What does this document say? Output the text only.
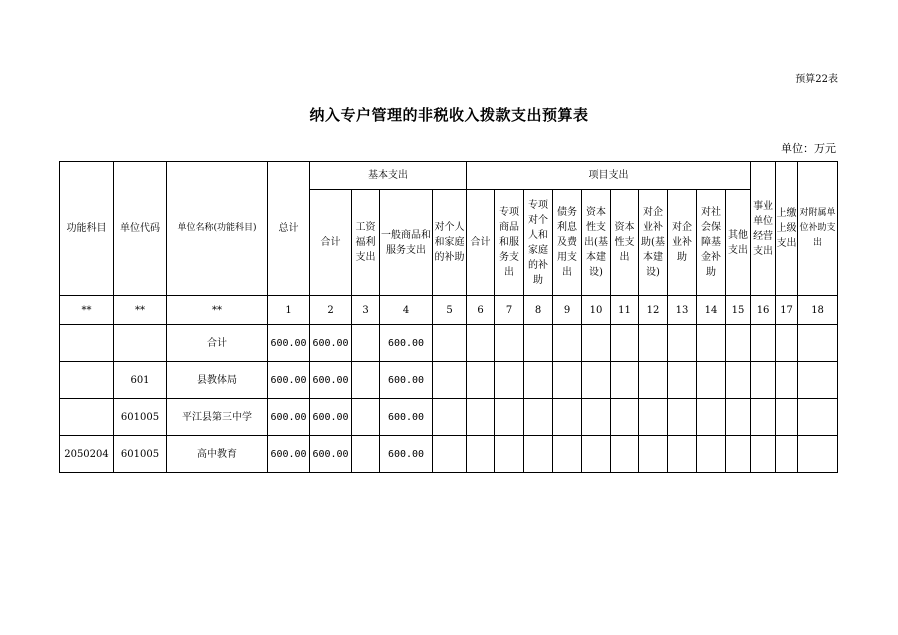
预算22表
纳入专户管理的非税收入拨款支出预算表
单位：万元
功能科目	单位代码	单位名称(功能科目)	总计	基本支出				项目支出										事业单位经营支出	上缴上级支出	对附属单位补助支出
				合计	工资福利支出	一般商品和服务支出	对个人和家庭的补助	合计	专项商品和服务支出	专项对个人和家庭的补助	债务利息及费用支出	资本性支出(基本建设)	资本性支出	对企业补助(基本建设)	对企业补助	对社会保障基金补助	其他支出			
**	**	**	1	2	3	4	5	6	7	8	9	10	11	12	13	14	15	16	17	18
		合计	600.00	600.00		600.00														
	601	县教体局	600.00	600.00		600.00														
	601005	平江县第三中学	600.00	600.00		600.00														
2050204	601005	高中教育	600.00	600.00		600.00														
